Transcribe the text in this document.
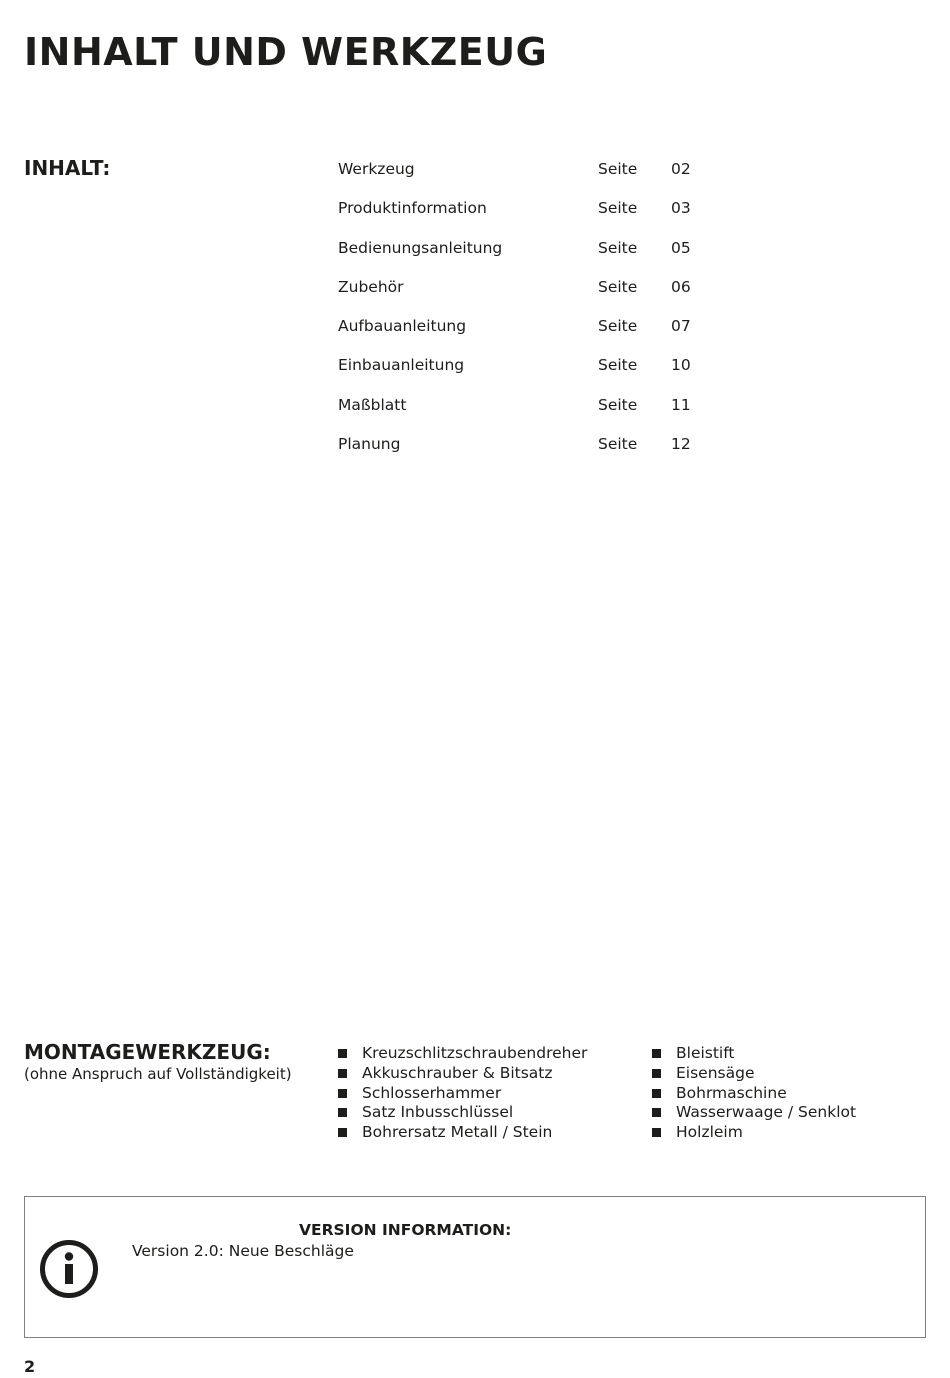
INHALT UND WERKZEUG
INHALT:	Werkzeug	Seite 02
Produktinformation	Seite 03
Bedienungsanleitung	Seite 05
Zubehör	Seite 06
Aufbauanleitung	Seite 07
Einbauanleitung	Seite 10
Maßblatt	Seite 11
Planung	Seite 12
MONTAGEWERKZEUG:
(ohne Anspruch auf Vollständigkeit)
Kreuzschlitzschraubendreher
Akkuschrauber & Bitsatz
Schlosserhammer
Satz Inbusschlüssel
Bohrersatz Metall / Stein
Bleistift
Eisensäge
Bohrmaschine
Wasserwaage / Senklot
Holzleim
VERSION INFORMATION:
Version 2.0: Neue Beschläge
2
